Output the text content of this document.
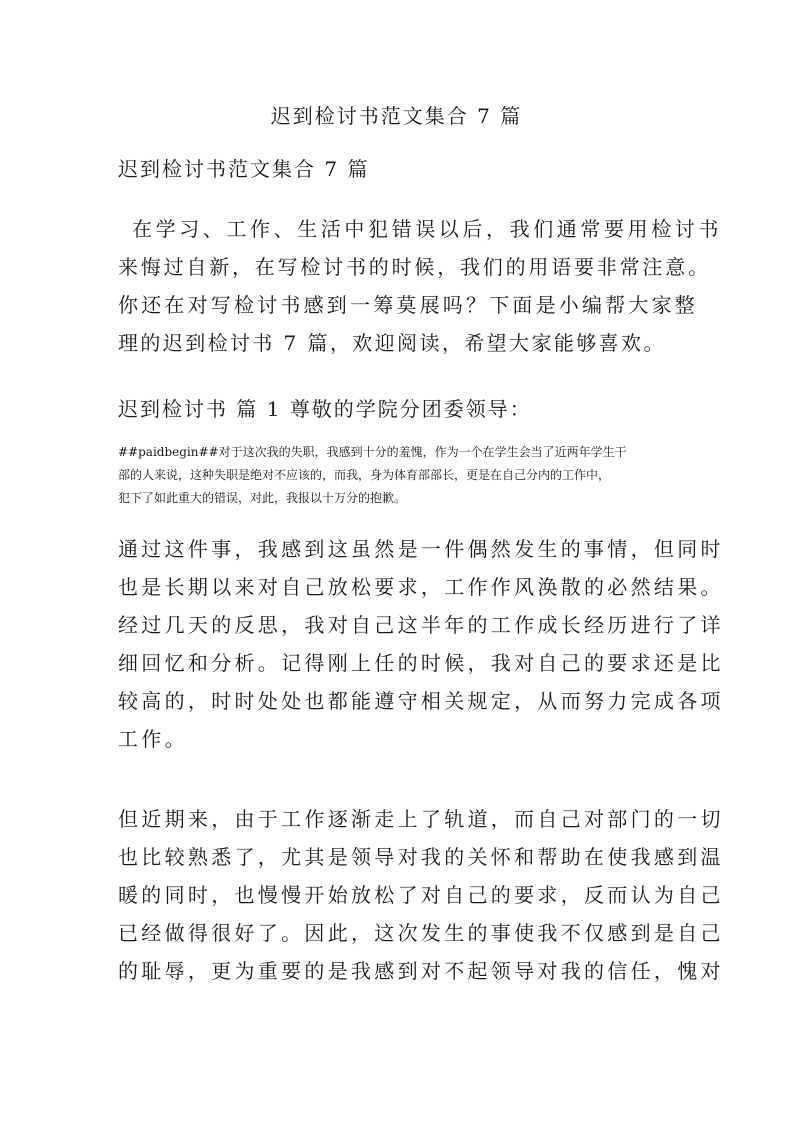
迟到检讨书范文集合 7 篇
迟到检讨书范文集合 7 篇
在学习、工作、生活中犯错误以后，我们通常要用检讨书
来悔过自新，在写检讨书的时候，我们的用语要非常注意。
你还在对写检讨书感到一筹莫展吗？下面是小编帮大家整
理的迟到检讨书 7 篇，欢迎阅读，希望大家能够喜欢。
迟到检讨书 篇 1 尊敬的学院分团委领导：
##paidbegin##对于这次我的失职，我感到十分的羞愧，作为一个在学生会当了近两年学生干
部的人来说，这种失职是绝对不应该的，而我，身为体育部部长，更是在自己分内的工作中，
犯下了如此重大的错误，对此，我报以十万分的抱歉。
通过这件事，我感到这虽然是一件偶然发生的事情，但同时
也是长期以来对自己放松要求，工作作风涣散的必然结果。
经过几天的反思，我对自己这半年的工作成长经历进行了详
细回忆和分析。记得刚上任的时候，我对自己的要求还是比
较高的，时时处处也都能遵守相关规定，从而努力完成各项
工作。
但近期来，由于工作逐渐走上了轨道，而自己对部门的一切
也比较熟悉了，尤其是领导对我的关怀和帮助在使我感到温
暖的同时，也慢慢开始放松了对自己的要求，反而认为自己
已经做得很好了。因此，这次发生的事使我不仅感到是自己
的耻辱，更为重要的是我感到对不起领导对我的信任，愧对
